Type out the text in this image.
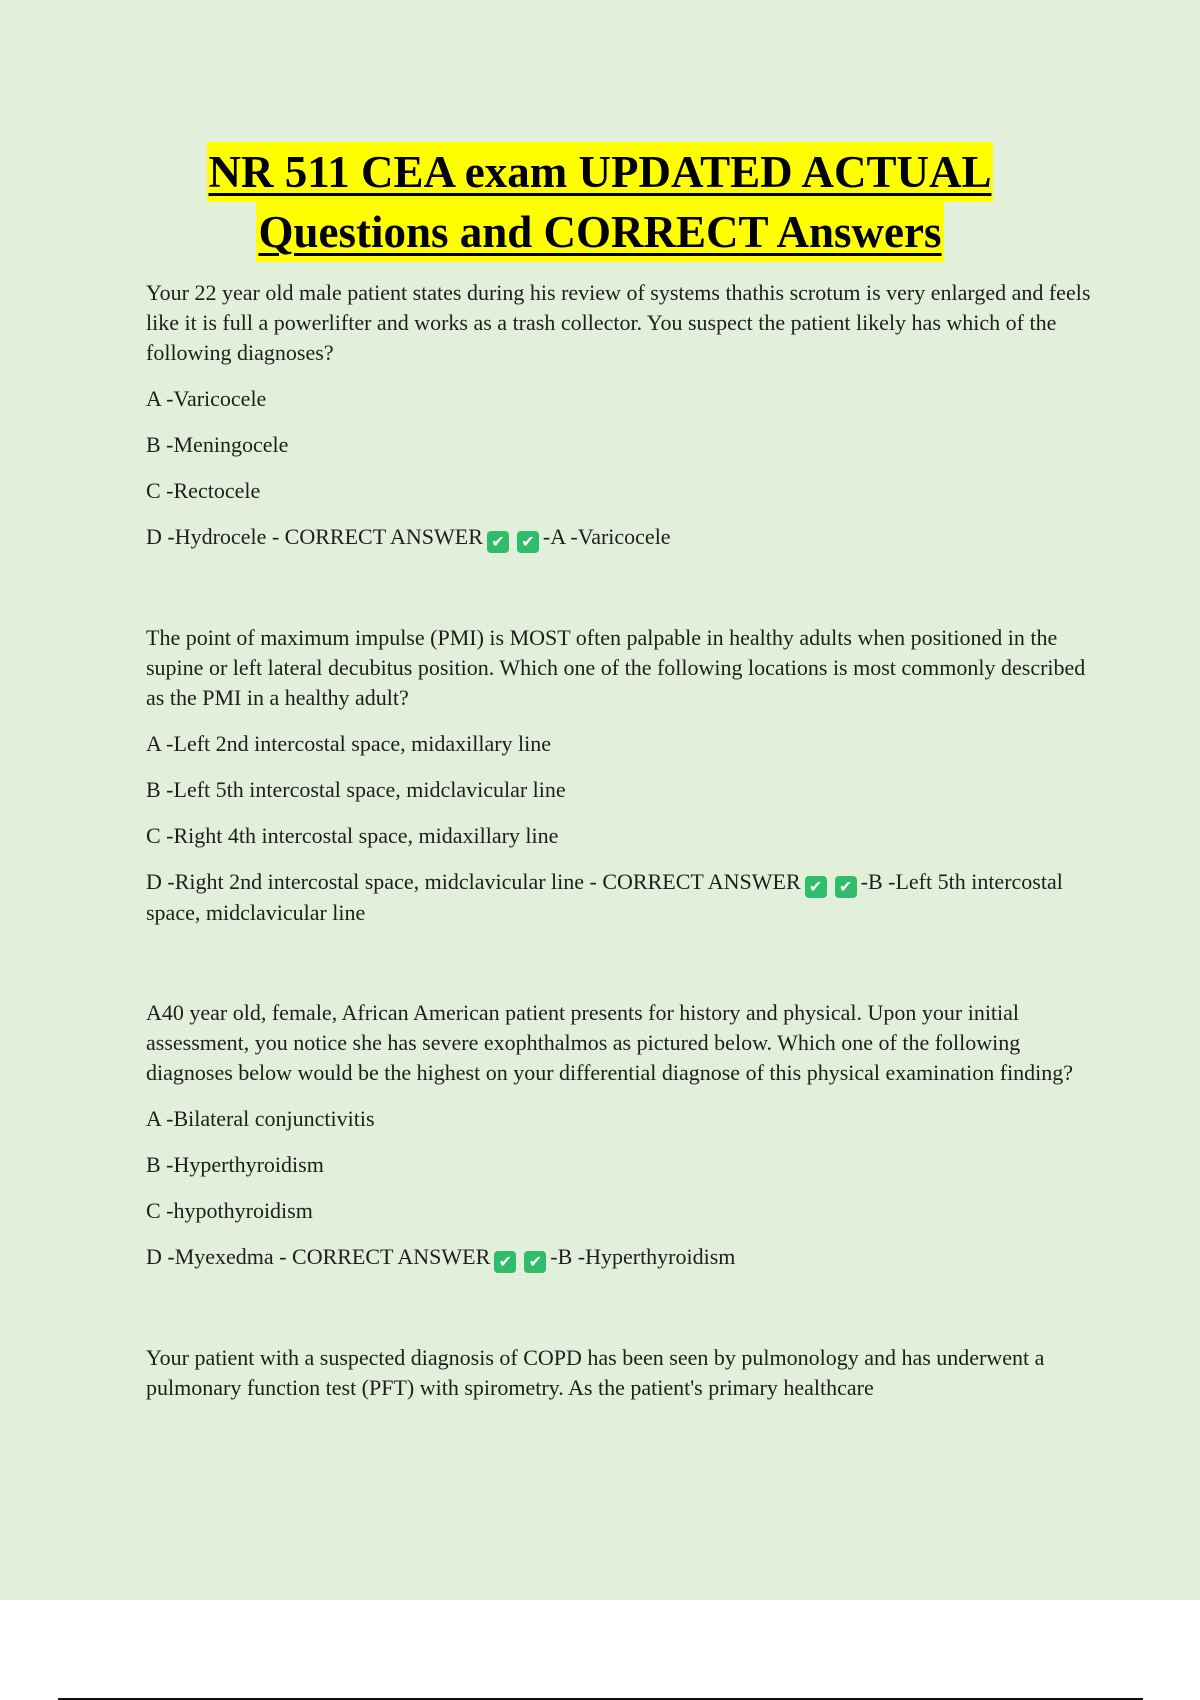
NR 511 CEA exam UPDATED ACTUAL
Questions and CORRECT Answers

Your 22 year old male patient states during his review of systems thathis scrotum is very enlarged and feels like it is full a powerlifter and works as a trash collector. You suspect the patient likely has which of the following diagnoses?

A -Varicocele

B -Meningocele

C -Rectocele

D -Hydrocele - CORRECT ANSWER ✔ ✔ -A -Varicocele

The point of maximum impulse (PMI) is MOST often palpable in healthy adults when positioned in the supine or left lateral decubitus position. Which one of the following locations is most commonly described as the PMI in a healthy adult?

A -Left 2nd intercostal space, midaxillary line

B -Left 5th intercostal space, midclavicular line

C -Right 4th intercostal space, midaxillary line

D -Right 2nd intercostal space, midclavicular line - CORRECT ANSWER ✔ ✔ -B -Left 5th intercostal space, midclavicular line

A40 year old, female, African American patient presents for history and physical. Upon your initial assessment, you notice she has severe exophthalmos as pictured below. Which one of the following diagnoses below would be the highest on your differential diagnose of this physical examination finding?

A -Bilateral conjunctivitis

B -Hyperthyroidism

C -hypothyroidism

D -Myexedma - CORRECT ANSWER ✔ ✔ -B -Hyperthyroidism

Your patient with a suspected diagnosis of COPD has been seen by pulmonology and has underwent a pulmonary function test (PFT) with spirometry. As the patient's primary healthcare
